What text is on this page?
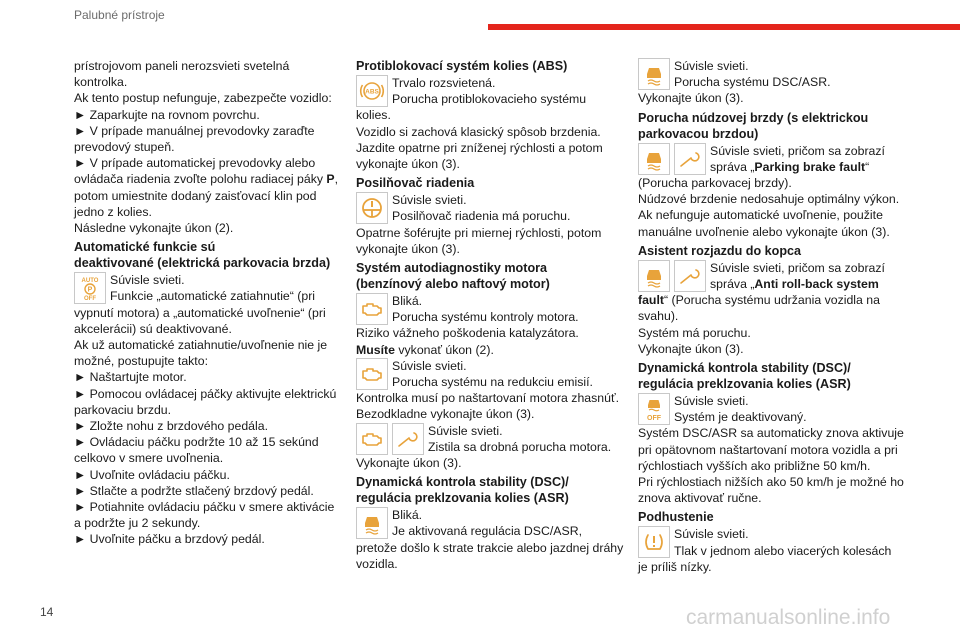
Palubné prístroje

prístrojovom paneli nerozsvieti svetelná

kontrolka.

Ak tento postup nefunguje, zabezpečte vozidlo:

► Zaparkujte na rovnom povrchu.

► V prípade manuálnej prevodovky zaraďte

prevodový stupeň.

► V prípade automatickej prevodovky alebo

ovládača riadenia zvoľte polohu radiacej páky P,

potom umiestnite dodaný zaisťovací klin pod

jedno z kolies.

Následne vykonajte úkon (2).

Automatické funkcie sú
deaktivované (elektrická parkovacia brzda)
AUTO
P
OFF
Súvisle svieti.
Funkcie „automatické zatiahnutie“ (pri

vypnutí motora) a „automatické uvoľnenie“ (pri

akcelerácii) sú deaktivované.

Ak už automatické zatiahnutie/uvoľnenie nie je

možné, postupujte takto:

► Naštartujte motor.

► Pomocou ovládacej páčky aktivujte elektrickú

parkovaciu brzdu.

► Zložte nohu z brzdového pedála.

► Ovládaciu páčku podržte 10 až 15 sekúnd

celkovo v smere uvoľnenia.

► Uvoľnite ovládaciu páčku.

► Stlačte a podržte stlačený brzdový pedál.

► Potiahnite ovládaciu páčku v smere aktivácie

a podržte ju 2 sekundy.

► Uvoľnite páčku a brzdový pedál.

Protiblokovací systém kolies (ABS)
ABS
Trvalo rozsvietená.
Porucha protiblokovacieho systému

kolies.

Vozidlo si zachová klasický spôsob brzdenia.

Jazdite opatrne pri zníženej rýchlosti a potom

vykonajte úkon (3).

Posilňovač riadenia
Súvisle svieti.
Posilňovač riadenia má poruchu.

Opatrne šoférujte pri miernej rýchlosti, potom

vykonajte úkon (3).

Systém autodiagnostiky motora
(benzínový alebo naftový motor)
Bliká.
Porucha systému kontroly motora.

Riziko vážneho poškodenia katalyzátora.

Musíte vykonať úkon (2).

Súvisle svieti.
Porucha systému na redukciu emisií.

Kontrolka musí po naštartovaní motora zhasnúť.

Bezodkladne vykonajte úkon (3).

Súvisle svieti.
Zistila sa drobná porucha motora.

Vykonajte úkon (3).

Dynamická kontrola stability (DSC)/
regulácia preklzovania kolies (ASR)
Bliká.
Je aktivovaná regulácia DSC/ASR,

pretože došlo k strate trakcie alebo jazdnej dráhy

vozidla.

Súvisle svieti.
Porucha systému DSC/ASR.

Vykonajte úkon (3).

Porucha núdzovej brzdy (s elektrickou
parkovacou brzdou)
Súvisle svieti, pričom sa zobrazí
správa „Parking brake fault“

(Porucha parkovacej brzdy).

Núdzové brzdenie nedosahuje optimálny výkon.

Ak nefunguje automatické uvoľnenie, použite

manuálne uvoľnenie alebo vykonajte úkon (3).

Asistent rozjazdu do kopca
Súvisle svieti, pričom sa zobrazí
správa „Anti roll-back system

fault“ (Porucha systému udržania vozidla na

svahu).

Systém má poruchu.

Vykonajte úkon (3).

Dynamická kontrola stability (DSC)/
regulácia preklzovania kolies (ASR)
OFF
Súvisle svieti.
Systém je deaktivovaný.

Systém DSC/ASR sa automaticky znova aktivuje

pri opätovnom naštartovaní motora vozidla a pri

rýchlostiach vyšších ako približne 50 km/h.

Pri rýchlostiach nižších ako 50 km/h je možné ho

znova aktivovať ručne.

Podhustenie
Súvisle svieti.
Tlak v jednom alebo viacerých kolesách

je príliš nízky.

14	carmanualsonline.info
